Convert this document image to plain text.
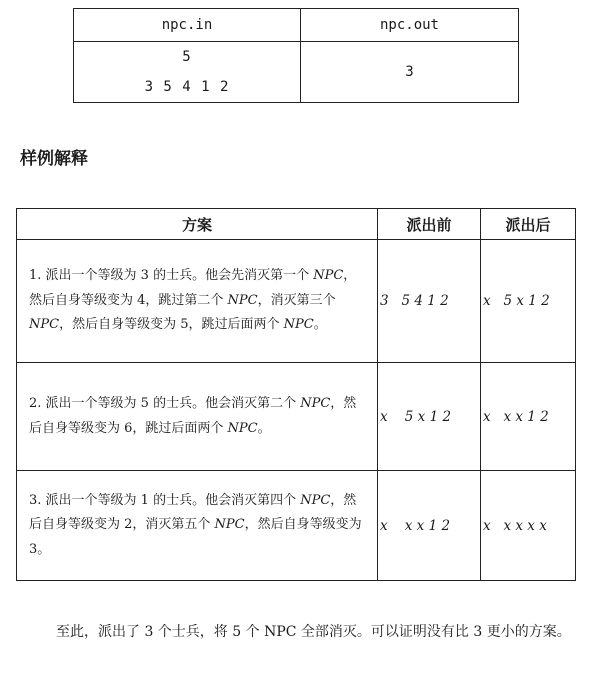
npc.in	npc.out

5
3 5 4 1 2	3
样例解释
方案	派出前	派出后
1. 派出一个等级为 3 的士兵。他会先消灭第一个 NPC，然后自身等级变为 4，跳过第二个 NPC，消灭第三个 NPC，然后自身等级变为 5，跳过后面两个 NPC。	3   5 4 1 2	x   5 x 1 2
2. 派出一个等级为 5 的士兵。他会消灭第二个 NPC，然后自身等级变为 6，跳过后面两个 NPC。	x    5 x 1 2	x   x x 1 2
3. 派出一个等级为 1 的士兵。他会消灭第四个 NPC，然后自身等级变为 2，消灭第五个 NPC，然后自身等级变为 3。	x    x x 1 2	x   x x x x

至此，派出了 3 个士兵，将 5 个 NPC 全部消灭。可以证明没有比 3 更小的方案。
